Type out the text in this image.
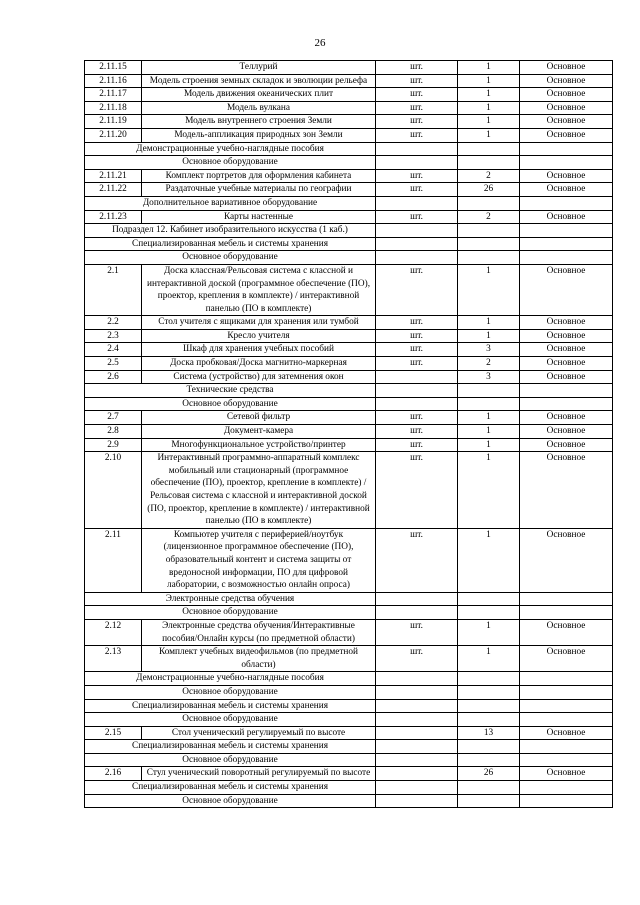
26
2.11.15	Теллурий	шт.	1	Основное
2.11.16	Модель строения земных складок и эволюции рельефа	шт.	1	Основное
2.11.17	Модель движения океанических плит	шт.	1	Основное
2.11.18	Модель вулкана	шт.	1	Основное
2.11.19	Модель внутреннего строения Земли	шт.	1	Основное
2.11.20	Модель-аппликация природных зон Земли	шт.	1	Основное
Демонстрационные учебно-наглядные пособия				
Основное оборудование				
2.11.21	Комплект портретов для оформления кабинета	шт.	2	Основное
2.11.22	Раздаточные учебные материалы по географии	шт.	26	Основное
Дополнительное вариативное оборудование				
2.11.23	Карты настенные	шт.	2	Основное
Подраздел 12. Кабинет изобразительного искусства (1 каб.)				
Специализированная мебель и системы хранения				
Основное оборудование				
2.1	Доска классная/Рельсовая система с классной и интерактивной доской (программное обеспечение (ПО), проектор, крепления в комплекте) / интерактивной панелью (ПО в комплекте)	шт.	1	Основное
2.2	Стол учителя с ящиками для хранения или тумбой	шт.	1	Основное
2.3	Кресло учителя	шт.	1	Основное
2.4	Шкаф для хранения учебных пособий	шт.	3	Основное
2.5	Доска пробковая/Доска магнитно-маркерная	шт.	2	Основное
2.6	Система (устройство) для затемнения окон		3	Основное
Технические средства				
Основное оборудование				
2.7	Сетевой фильтр	шт.	1	Основное
2.8	Документ-камера	шт.	1	Основное
2.9	Многофункциональное устройство/принтер	шт.	1	Основное
2.10	Интерактивный программно-аппаратный комплекс мобильный или стационарный (программное обеспечение (ПО), проектор, крепление в комплекте) / Рельсовая система с классной и интерактивной доской (ПО, проектор, крепление в комплекте) / интерактивной панелью (ПО в комплекте)	шт.	1	Основное
2.11	Компьютер учителя с периферией/ноутбук (лицензионное программное обеспечение (ПО), образовательный контент и система защиты от вредоносной информации, ПО для цифровой лаборатории, с возможностью онлайн опроса)	шт.	1	Основное
Электронные средства обучения				
Основное оборудование				
2.12	Электронные средства обучения/Интерактивные пособия/Онлайн курсы (по предметной области)	шт.	1	Основное
2.13	Комплект учебных видеофильмов (по предметной области)	шт.	1	Основное
Демонстрационные учебно-наглядные пособия				
Основное оборудование				
Специализированная мебель и системы хранения				
Основное оборудование				
2.15	Стол ученический регулируемый по высоте		13	Основное
Специализированная мебель и системы хранения				
Основное оборудование				
2.16	Стул ученический поворотный регулируемый по высоте		26	Основное
Специализированная мебель и системы хранения				
Основное оборудование				
